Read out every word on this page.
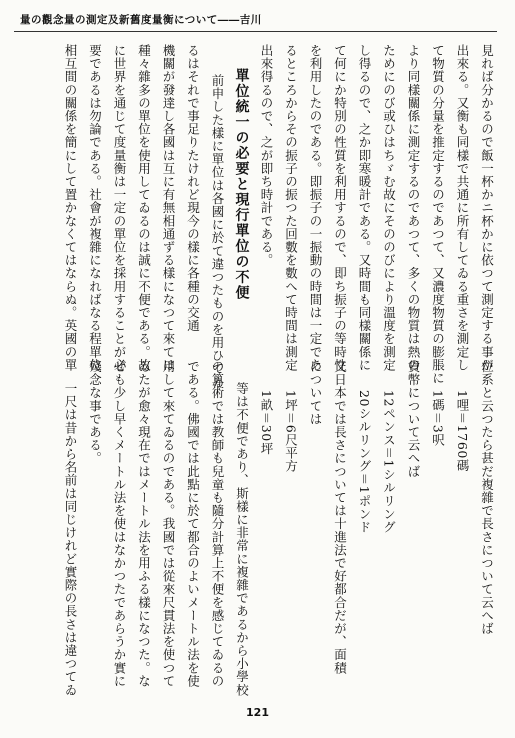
量の觀念量の測定及新舊度量衡について――吉川

見れば分かるので飯一杯かニ杯かに依つて測定する事が

出來る。又衡も同樣で共通に所有してゐる重さを測定し

て物質の分量を推定するのであつて、又濃度物質の膨脹に

より同樣關係に測定するのであつて、多くの物質は熱の

ためにのび或ひはちゞむ故にそののびにより溫度を測定

し得るので、之か即寒暖計である。又時間も同樣關係に

て何にか特別の性質を利用するので、即ち振子の等時性

を利用したのである。即振子の一振動の時間は一定であ

るところからその振子の振つた回數を數へて時間は測定

出來得るので、之が即ち時計である。

單位統一の必要と現行單位の不便

前申した樣に單位は各國に於て違つたものを用ひてゐ

るはそれで事足りたけれど現今の樣に各種の交通

機關が發達し各國は互に有無相通ずる樣になつて來ては

種々雜多の單位を使用してゐるのは誠に不便である。故

に世界を通じて度量衡は一定の單位を採用することが必

要であるは勿論である。社會が複雜になればなる程單位

相互間の關係を簡にして置かなくてはならぬ。英國の單

位系と云つたら甚だ複雜で長さについて云へば

1哩＝1760碼

1碼＝3呎

貨幣について云へば

12ペンス＝1シルリング

20シルリング＝1ポンド

又日本では長さについては十進法で好都合だが、面積

については

1坪＝6尺平方

1畝＝30坪

等は不便であり、斯樣に非常に複雜であるから小學校

の算術では教師も兒童も隨分計算上不便を感じてゐるの

である。佛國では此點に於て都合のよいメートル法を使

用して來てゐるのである。我國では從來尺貫法を使つて

ゐたが愈々現在ではメートル法を用ふる樣になつた。な

ぜも少し早くメートル法を使はなかつたであらうか實に

殘念な事である。

一尺は昔から名前は同じけれど實際の長さは違つてゐ

121
